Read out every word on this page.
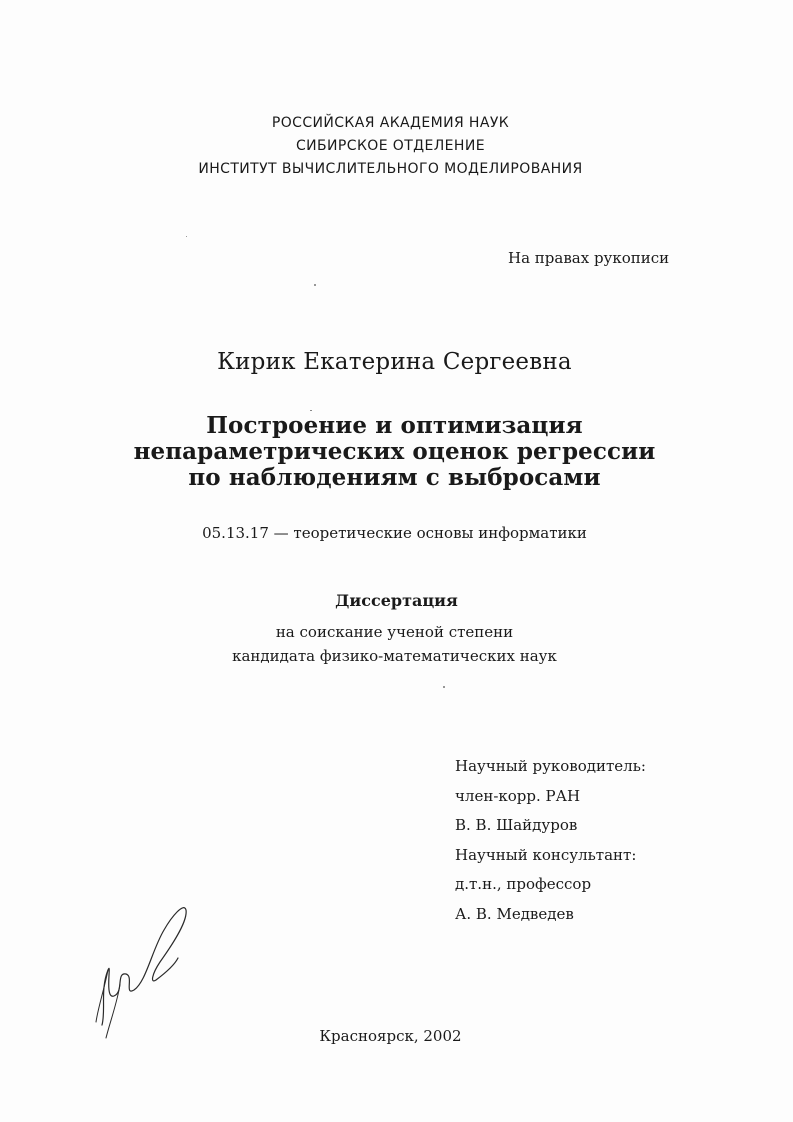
РОССИЙСКАЯ АКАДЕМИЯ НАУК
СИБИРСКОЕ ОТДЕЛЕНИЕ
ИНСТИТУТ ВЫЧИСЛИТЕЛЬНОГО МОДЕЛИРОВАНИЯ
На правах рукописи
Кирик Екатерина Сергеевна
Построение и оптимизация
непараметрических оценок регрессии
по наблюдениям с выбросами
05.13.17 — теоретические основы информатики
Диссертация
на соискание ученой степени
кандидата физико-математических наук
Научный руководитель:
член-корр. РАН
В. В. Шайдуров
Научный консультант:
д.т.н., профессор
А. В. Медведев
Красноярск, 2002
